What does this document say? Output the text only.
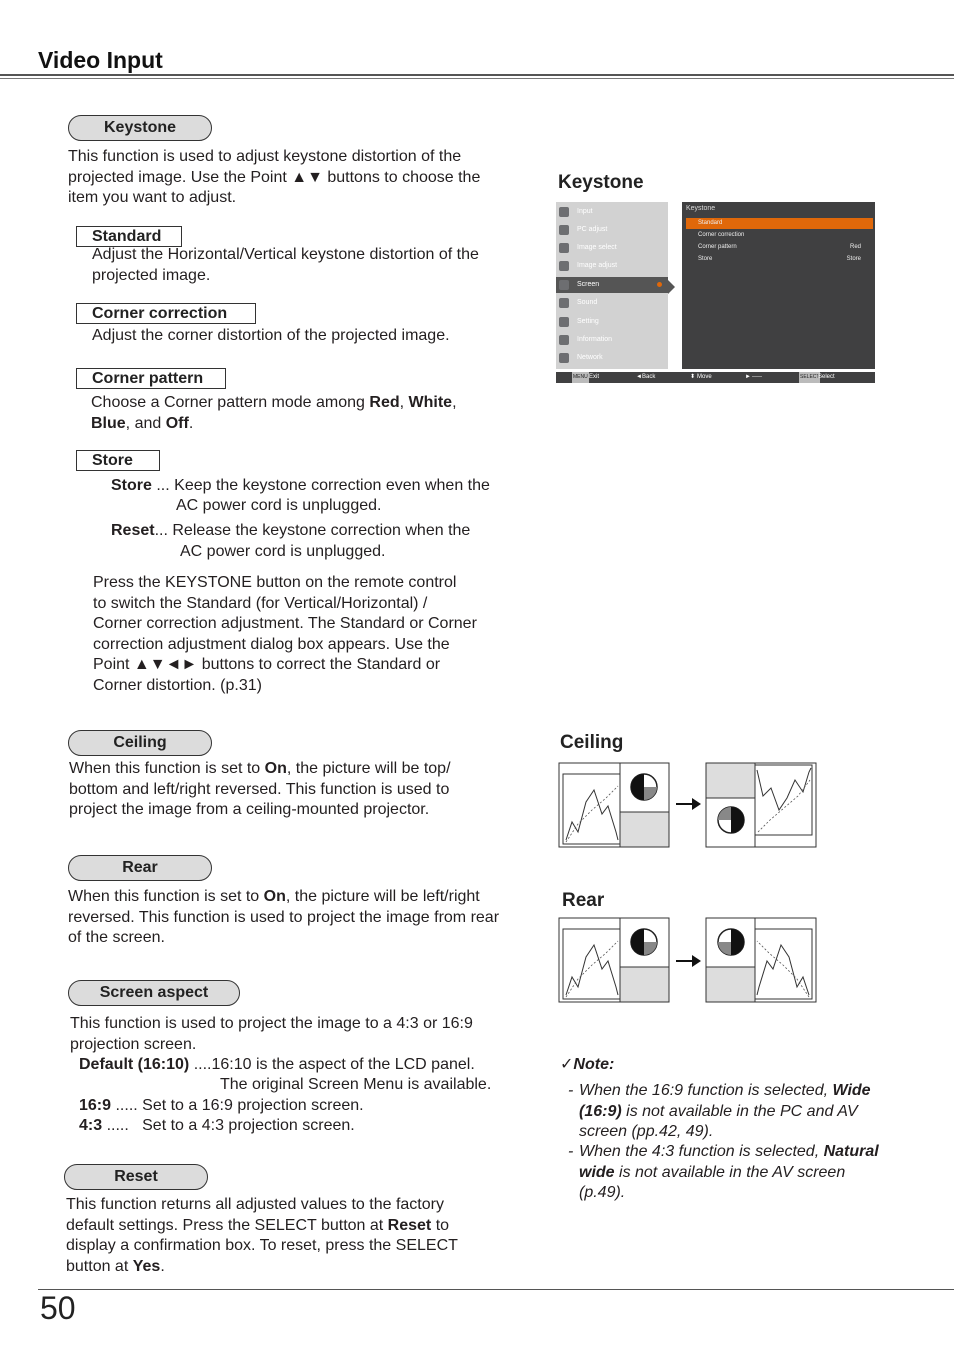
Video Input
Keystone
This function is used to adjust keystone distortion of the projected image. Use the Point ▲▼ buttons to choose the item you want to adjust.
Standard
Adjust the Horizontal/Vertical keystone distortion of the projected image.
Corner correction
Adjust the corner distortion of the projected image.
Corner pattern
Choose a Corner pattern mode among Red, White,
Blue, and Off.
Store
Store ... Keep the keystone correction even when the
AC power cord is unplugged.
Reset... Release the keystone correction when the
AC power cord is unplugged.
Press the KEYSTONE button on the remote control
to switch the Standard (for Vertical/Horizontal) /
Corner correction adjustment. The Standard or Corner
correction adjustment dialog box appears. Use the
Point ▲▼◄► buttons to correct the Standard or
Corner distortion. (p.31)
Ceiling
When this function is set to On, the picture will be top/ bottom and left/right reversed. This function is used to project the image from a ceiling-mounted projector.
Rear
When this function is set to On, the picture will be left/right reversed. This function is used to project the image from rear of the screen.
Screen aspect
This function is used to project the image to a 4:3 or 16:9 projection screen.
Default (16:10) ....16:10 is the aspect of the LCD panel.
The original Screen Menu is available.
16:9 ..... Set to a 16:9 projection screen.
4:3 .....   Set to a 4:3 projection screen.
Reset
This function returns all adjusted values to the factory default settings. Press the SELECT button at Reset to display a confirmation box. To reset, press the SELECT button at Yes.
Keystone
Input
PC adjust
Image select
Image adjust
Screen
Sound
Setting
Information
Network
Keystone
Standard
Corner correction
Corner pattern	Red
Store	Store
MENU Exit	◄ Back	⬍ Move	► -----	SELECT
Select
Ceiling
Rear
✓Note:
- When the 16:9 function is selected, Wide (16:9) is not available in the PC and AV screen (pp.42, 49).
- When the 4:3 function is selected, Natural wide is not available in the AV screen (p.49).
50
